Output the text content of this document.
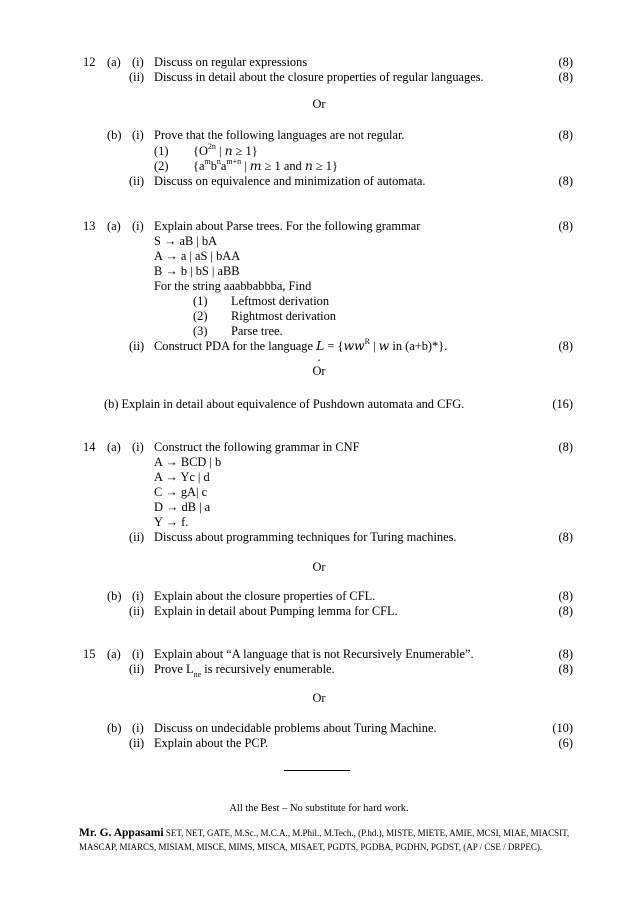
12 (a) (i) Discuss on regular expressions	(8)
(ii) Discuss in detail about the closure properties of regular languages.	(8)
Or
(b) (i) Prove that the following languages are not regular.	(8)
(1) {$O^{2n}$ | 𝑛 ≥ 1}
(2) {$a^mb^na^{m+n}$ | 𝑚 ≥ 1 and 𝑛 ≥ 1}
(ii) Discuss on equivalence and minimization of automata.	(8)
13 (a) (i) Explain about Parse trees. For the following grammar	(8)
S → aB | bA
A → a | aS | bAA
B → b | bS | aBB
For the string aaabbabbba, Find
(1) Leftmost derivation
(2) Rightmost derivation
(3) Parse tree.
(ii) Construct PDA for the language 𝐿 = {𝑤𝑤$^R$ | 𝑤 in (a+b)*}.	(8)
.
Or
(b) Explain in detail about equivalence of Pushdown automata and CFG.	(16)
14 (a) (i) Construct the following grammar in CNF	(8)
A → BCD | b
A → Yc | d
C → gA| c
D → dB | a
Y → f.
(ii) Discuss about programming techniques for Turing machines.	(8)
Or
(b) (i) Explain about the closure properties of CFL.	(8)
(ii) Explain in detail about Pumping lemma for CFL.	(8)
15 (a) (i) Explain about “A language that is not Recursively Enumerable”.	(8)
(ii) Prove $L_{ne}$ is recursively enumerable.	(8)
Or
(b) (i) Discuss on undecidable problems about Turing Machine.	(10)
(ii) Explain about the PCP.	(6)
All the Best – No substitute for hard work.
Mr. G. Appasami SET, NET, GATE, M.Sc., M.C.A., M.Phil., M.Tech., (P.hd.), MISTE, MIETE, AMIE, MCSI, MIAE, MIACSIT,
MASCAP, MIARCS, MISIAM, MISCE, MIMS, MISCA, MISAET, PGDTS, PGDBA, PGDHN, PGDST, (AP / CSE / DRPEC).
